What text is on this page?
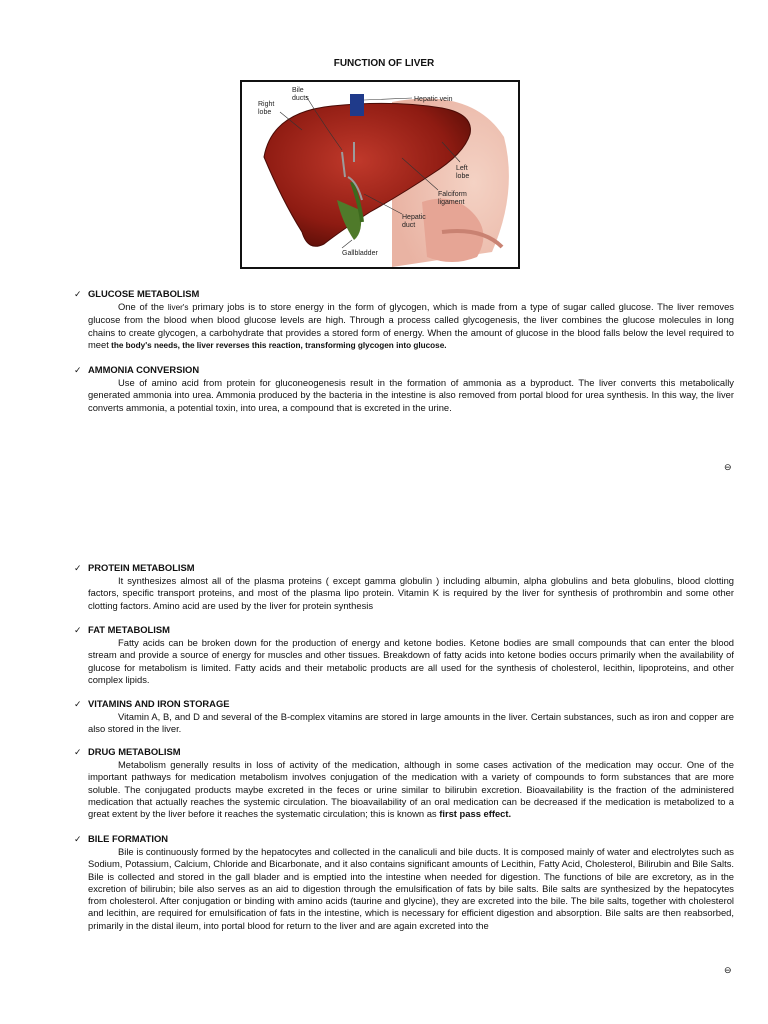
FUNCTION OF LIVER
Bile ducts
Right lobe
Hepatic vein
Left lobe
Falciform ligament
Hepatic duct
Gallbladder
✓ GLUCOSE METABOLISM

One of the liver's primary jobs is to store energy in the form of glycogen, which is made from a type of sugar called glucose. The liver removes glucose from the blood when blood glucose levels are high. Through a process called glycogenesis, the liver combines the glucose molecules in long chains to create glycogen, a carbohydrate that provides a stored form of energy. When the amount of glucose in the blood falls below the level required to meet the body's needs, the liver reverses this reaction, transforming glycogen into glucose.

✓ AMMONIA CONVERSION

Use of amino acid from protein for gluconeogenesis result in the formation of ammonia as a byproduct. The liver converts this metabolically generated ammonia into urea. Ammonia produced by the bacteria in the intestine is also removed from portal blood for urea synthesis. In this way, the liver converts ammonia, a potential toxin, into urea, a compound that is excreted in the urine.

⊖
✓ PROTEIN METABOLISM

It synthesizes almost all of the plasma proteins ( except gamma globulin ) including albumin, alpha globulins and beta globulins, blood clotting factors, specific transport proteins, and most of the plasma lipo protein. Vitamin K is required by the liver for synthesis of prothrombin and some other clotting factors. Amino acid are used by the liver for protein synthesis

✓ FAT METABOLISM

Fatty acids can be broken down for the production of energy and ketone bodies. Ketone bodies are small compounds that can enter the blood stream and provide a source of energy for muscles and other tissues. Breakdown of fatty acids into ketone bodies occurs primarily when the availability of glucose for metabolism is limited. Fatty acids and their metabolic products are all used for the synthesis of cholesterol, lecithin, lipoproteins, and other complex lipids.

✓ VITAMINS AND IRON STORAGE

Vitamin A, B, and D and several of the B-complex vitamins are stored in large amounts in the liver. Certain substances, such as iron and copper are also stored in the liver.

✓ DRUG METABOLISM

Metabolism generally results in loss of activity of the medication, although in some cases activation of the medication may occur. One of the important pathways for medication metabolism involves conjugation of the medication with a variety of compounds to form substances that are more soluble. The conjugated products maybe excreted in the feces or urine similar to bilirubin excretion. Bioavailability is the fraction of the administered medication that actually reaches the systemic circulation. The bioavailability of an oral medication can be decreased if the medication is metabolized to a great extent by the liver before it reaches the systematic circulation; this is known as first pass effect.

✓ BILE FORMATION

Bile is continuously formed by the hepatocytes and collected in the canaliculi and bile ducts. It is composed mainly of water and electrolytes such as Sodium, Potassium, Calcium, Chloride and Bicarbonate, and it also contains significant amounts of Lecithin, Fatty Acid, Cholesterol, Bilirubin and Bile Salts. Bile is collected and stored in the gall blader and is emptied into the intestine when needed for digestion. The functions of bile are excretory, as in the excretion of bilirubin; bile also serves as an aid to digestion through the emulsification of fats by bile salts. Bile salts are synthesized by the hepatocytes from cholesterol. After conjugation or binding with amino acids (taurine and glycine), they are excreted into the bile. The bile salts, together with cholesterol and lecithin, are required for emulsification of fats in the intestine, which is necessary for efficient digestion and absorption. Bile salts are then reabsorbed, primarily in the distal ileum, into portal blood for return to the liver and are again excreted into the

⊖
